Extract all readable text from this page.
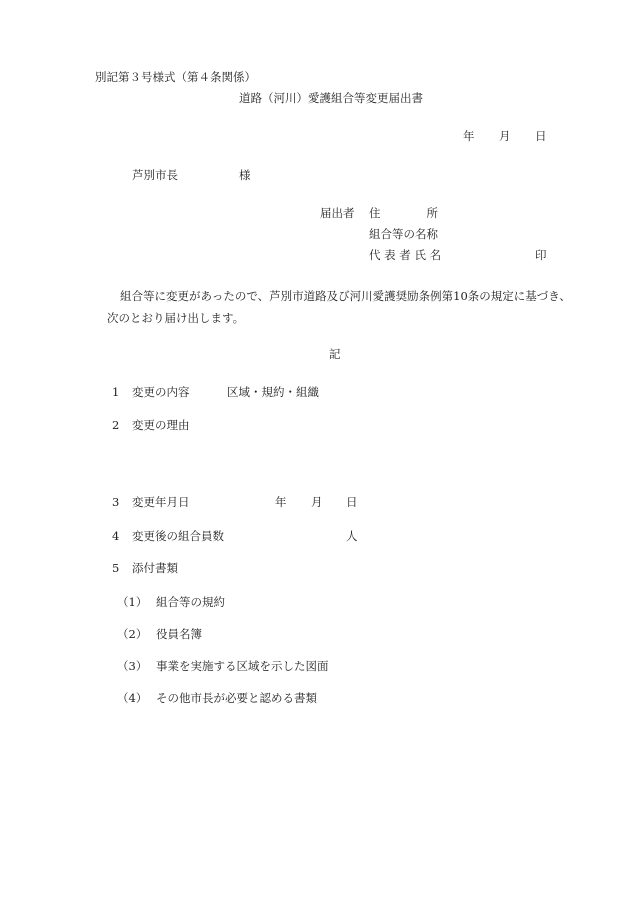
別記第３号様式（第４条関係）
道路（河川）愛護組合等変更届出書
年 月 日
芦別市長	様
届出者 住　　　　所
組合等の名称
代 表 者 氏 名	印
組合等に変更があったので、芦別市道路及び河川愛護奨励条例第10条の規定に基づき、
次のとおり届け出します。
記
1 変更の内容	区域・規約・組織
2 変更の理由
3 変更年月日	年 月 日
4 変更後の組合員数	人
5 添付書類
（1） 組合等の規約
（2） 役員名簿
（3） 事業を実施する区域を示した図面
（4） その他市長が必要と認める書類
